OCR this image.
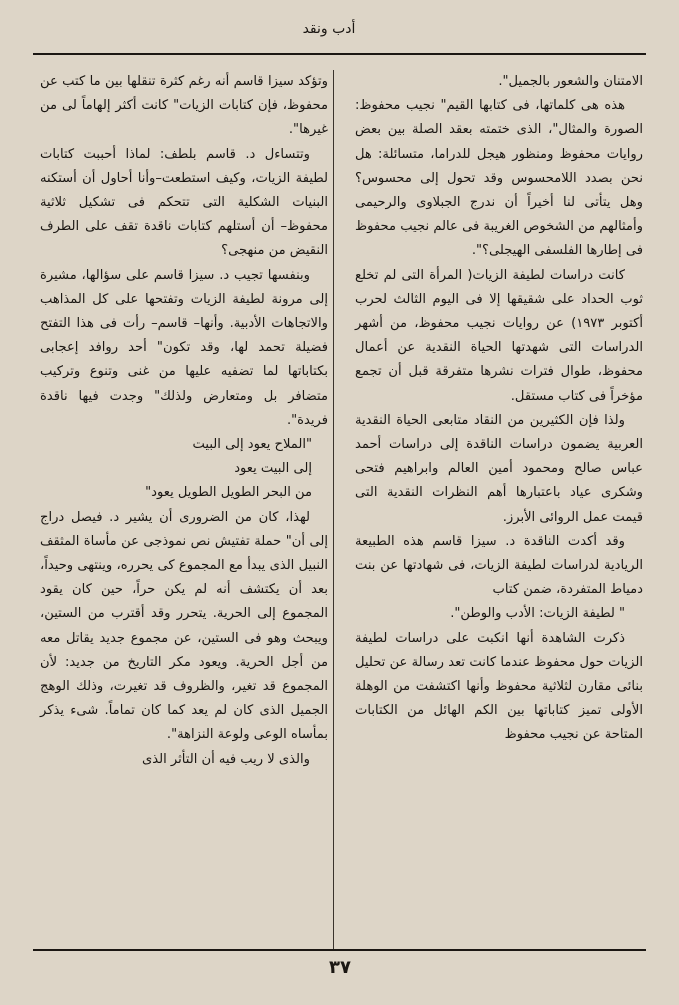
أدب ونقد

الامتنان والشعور بالجميل".

هذه هى كلماتها، فى كتابها القيم" نجيب محفوظ: الصورة والمثال"، الذى ختمته بعقد الصلة بين بعض روايات محفوظ ومنظور هيجل للدراما، متسائلة: هل نحن بصدد اللامحسوس وقد تحول إلى محسوس؟ وهل يتأتى لنا أخيراً أن ندرج الجبلاوى والرحيمى وأمثالهم من الشخوص الغريبة فى عالم نجيب محفوظ فى إطارها الفلسفى الهيجلى؟".

كانت دراسات لطيفة الزيات( المرأة التى لم تخلع ثوب الحداد على شقيقها إلا فى اليوم الثالث لحرب أكتوبر ١٩٧٣) عن روايات نجيب محفوظ، من أشهر الدراسات التى شهدتها الحياة النقدية عن أعمال محفوظ، طوال فترات نشرها متفرقة قبل أن تجمع مؤخراً فى كتاب مستقل.

ولذا فإن الكثيرين من النقاد متابعى الحياة النقدية العربية يضمون دراسات الناقدة إلى دراسات أحمد عباس صالح ومحمود أمين العالم وابراهيم فتحى وشكرى عياد باعتبارها أهم النظرات النقدية التى قيمت عمل الروائى الأبرز.

وقد أكدت الناقدة د. سيزا قاسم هذه الطبيعة الريادية لدراسات لطيفة الزيات، فى شهادتها عن بنت دمياط المتفردة، ضمن كتاب

" لطيفة الزيات: الأدب والوطن".

ذكرت الشاهدة أنها انكبت على دراسات لطيفة الزيات حول محفوظ عندما كانت تعد رسالة عن تحليل بنائى مقارن لثلاثية محفوظ وأنها اكتشفت من الوهلة الأولى تميز كتاباتها بين الكم الهائل من الكتابات المتاحة عن نجيب محفوظ

وتؤكد سيزا قاسم أنه رغم كثرة تنقلها بين ما كتب عن محفوظ، فإن كتابات الزيات" كانت أكثر إلهاماً لى من غيرها".

وتتساءل د. قاسم بلطف: لماذا أحببت كتابات لطيفة الزيات، وكيف استطعت–وأنا أحاول أن أستكنه البنيات الشكلية التى تتحكم فى تشكيل ثلاثية محفوظ– أن أستلهم كتابات ناقدة تقف على الطرف النقيض من منهجى؟

وبنفسها تجيب د. سيزا قاسم على سؤالها، مشيرة إلى مرونة لطيفة الزيات وتفتحها على كل المذاهب والاتجاهات الأدبية. وأنها– قاسم– رأت فى هذا التفتح فضيلة تحمد لها، وقد تكون" أحد روافد إعجابى بكتاباتها لما تضفيه عليها من غنى وتنوع وتركيب متضافر بل ومتعارض ولذلك" وجدت فيها ناقدة فريدة".

"الملاح يعود إلى البيت

إلى البيت يعود

من البحر الطويل الطويل يعود"

لهذا، كان من الضرورى أن يشير د. فيصل دراج إلى أن" حملة تفتيش نص نموذجى عن مأساة المثقف النبيل الذى يبدأ مع المجموع كى يحرره، وينتهى وحيداً، بعد أن يكتشف أنه لم يكن حراً، حين كان يقود المجموع إلى الحرية. يتحرر وقد أقترب من الستين، ويبحث وهو فى الستين، عن مجموع جديد يقاتل معه من أجل الحرية. ويعود مكر التاريخ من جديد: لأن المجموع قد تغير، والظروف قد تغيرت، وذلك الوهج الجميل الذى كان لم يعد كما كان تماماً. شىء يذكر بمأساه الوعى ولوعة النزاهة".

والذى لا ريب فيه أن التأثر الذى

٣٧
